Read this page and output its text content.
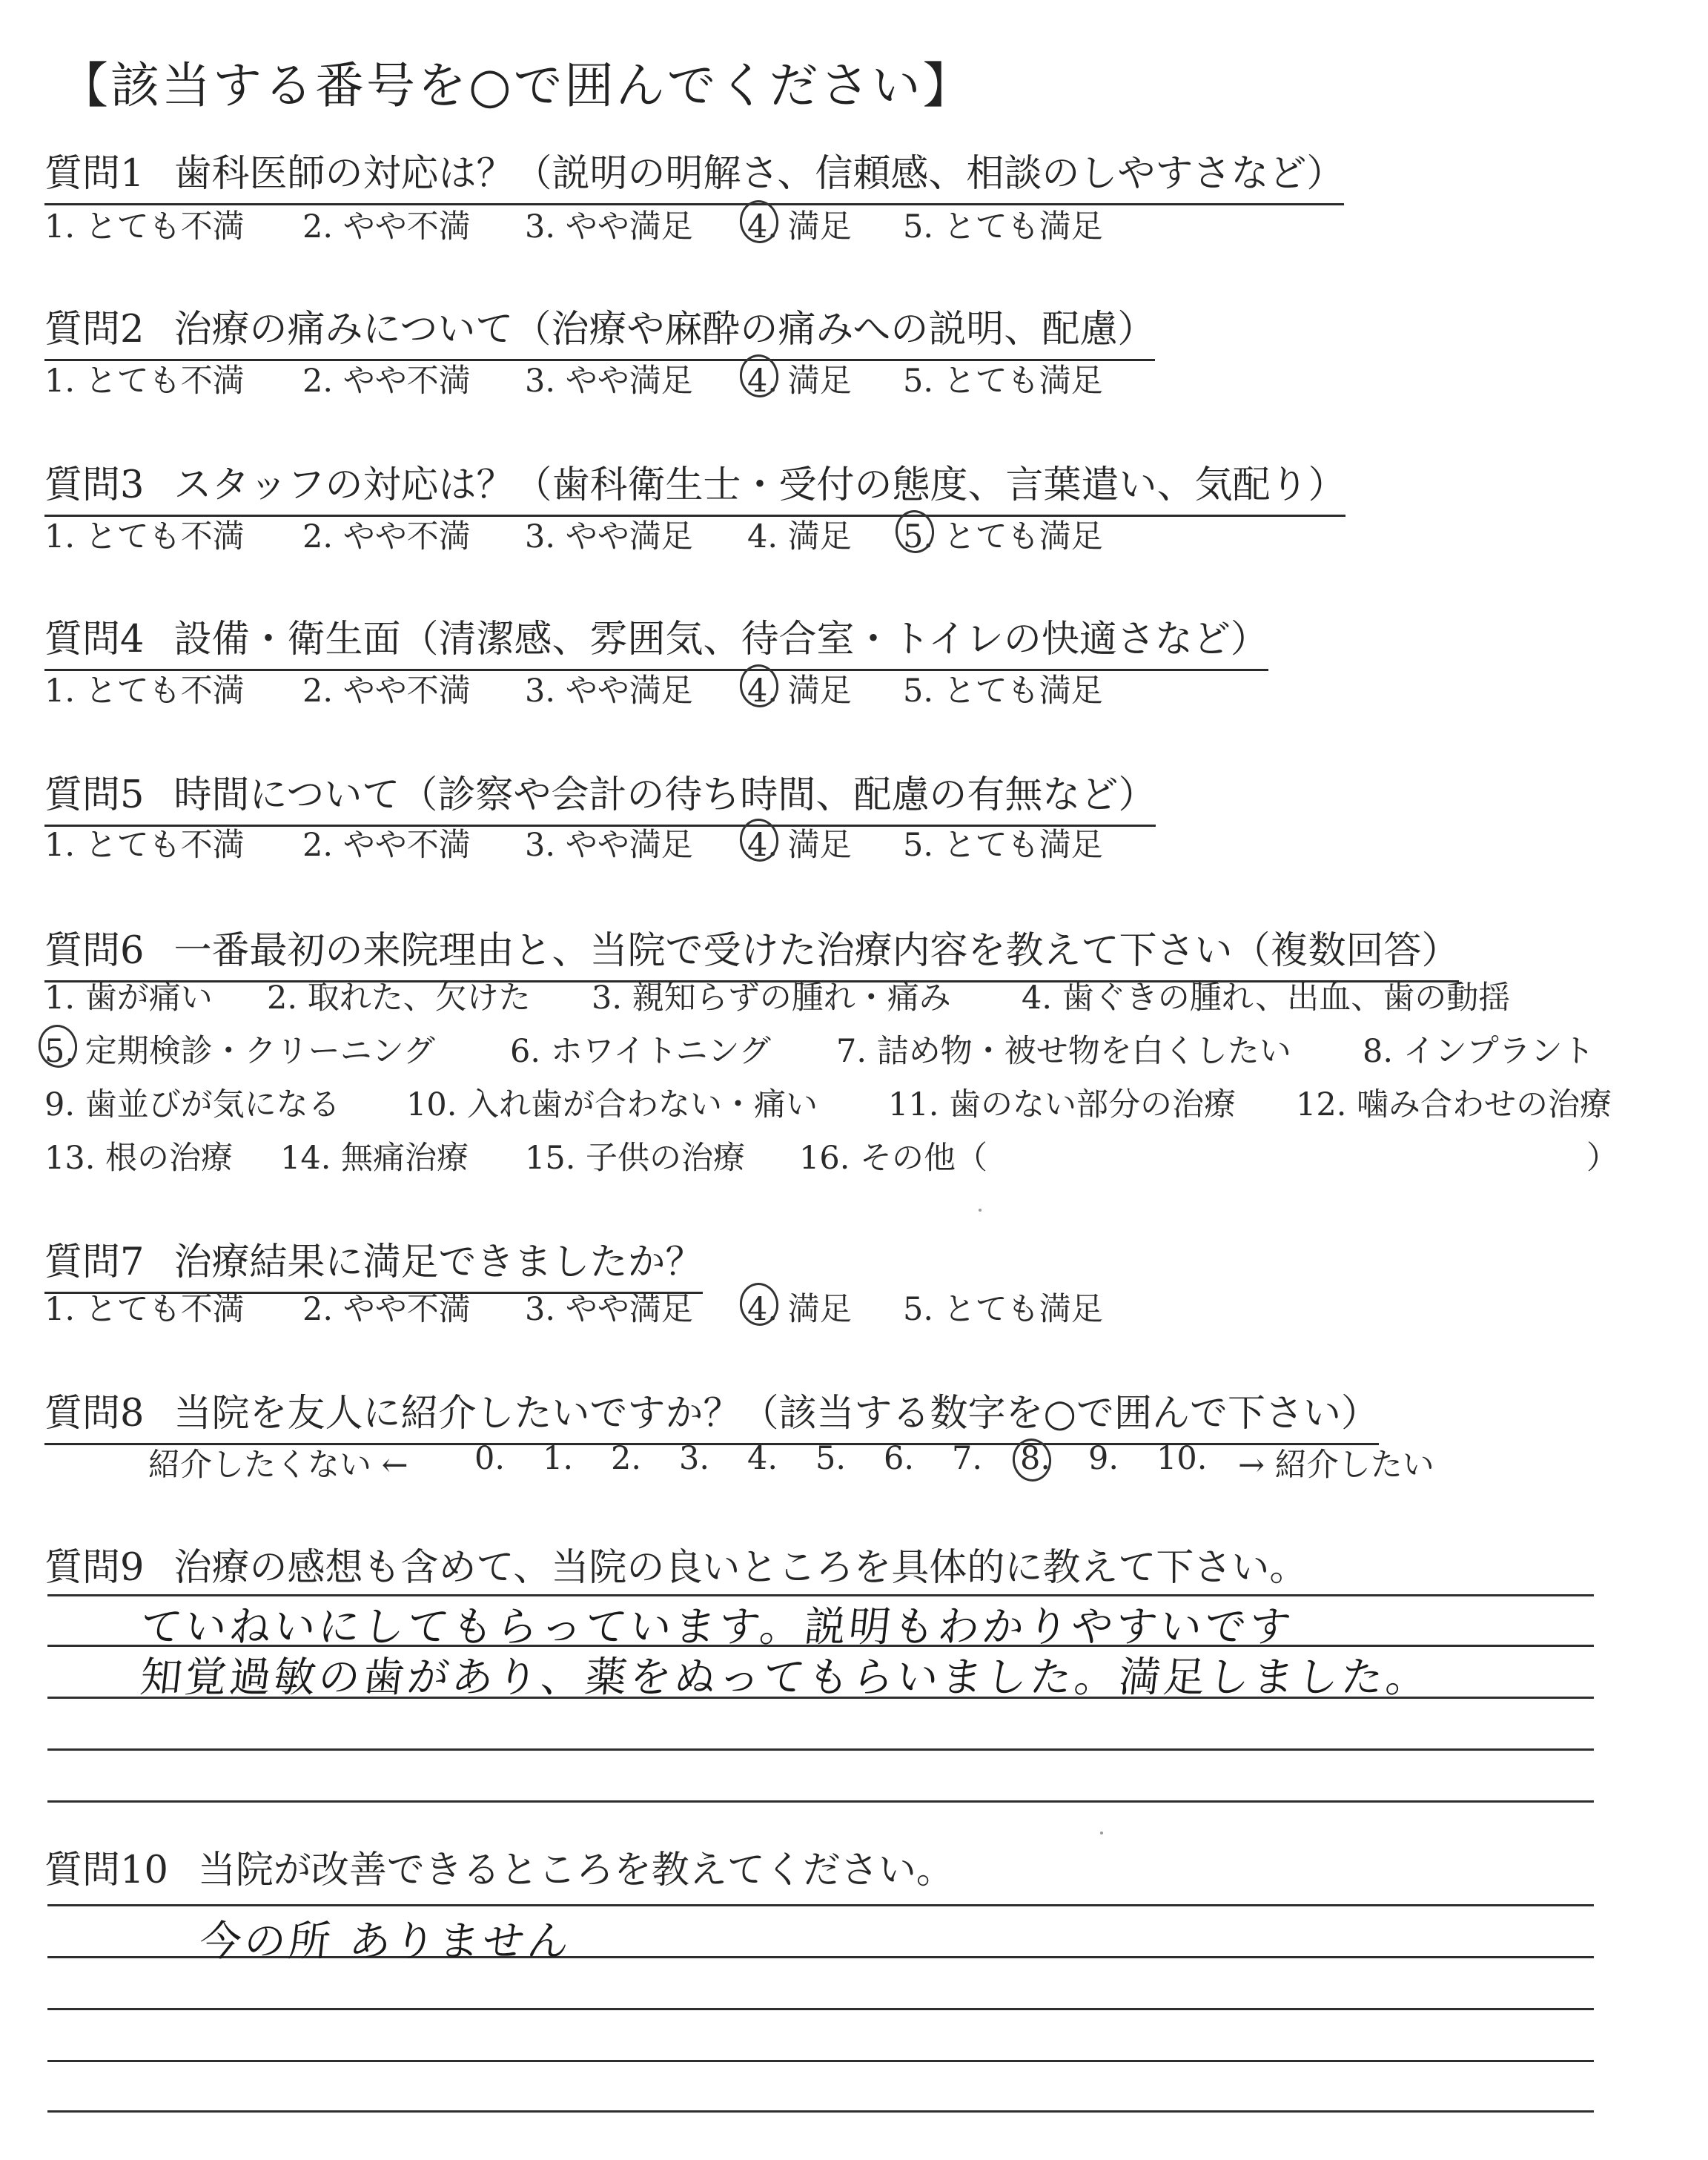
【該当する番号を○で囲んでください】
質問1 歯科医師の対応は？（説明の明解さ、信頼感、相談のしやすさなど）
1. とても不満 2. やや不満 3. やや満足 4. 満足 5. とても満足
質問2 治療の痛みについて（治療や麻酔の痛みへの説明、配慮）
1. とても不満 2. やや不満 3. やや満足 4. 満足 5. とても満足
質問3 スタッフの対応は？（歯科衛生士・受付の態度、言葉遣い、気配り）
1. とても不満 2. やや不満 3. やや満足 4. 満足 5. とても満足
質問4 設備・衛生面（清潔感、雰囲気、待合室・トイレの快適さなど）
1. とても不満 2. やや不満 3. やや満足 4. 満足 5. とても満足
質問5 時間について（診察や会計の待ち時間、配慮の有無など）
1. とても不満 2. やや不満 3. やや満足 4. 満足 5. とても満足
質問6 一番最初の来院理由と、当院で受けた治療内容を教えて下さい（複数回答）
1. 歯が痛い 2. 取れた、欠けた 3. 親知らずの腫れ・痛み 4. 歯ぐきの腫れ、出血、歯の動揺
5. 定期検診・クリーニング 6. ホワイトニング 7. 詰め物・被せ物を白くしたい 8. インプラント
9. 歯並びが気になる 10. 入れ歯が合わない・痛い 11. 歯のない部分の治療 12. 噛み合わせの治療
13. 根の治療 14. 無痛治療 15. 子供の治療 16. その他（	）
質問7 治療結果に満足できましたか？
1. とても不満 2. やや不満 3. やや満足 4. 満足 5. とても満足
質問8 当院を友人に紹介したいですか？（該当する数字を○で囲んで下さい）
紹介したくない ← 0. 1. 2. 3. 4. 5. 6. 7. 8. 9. 10. → 紹介したい
質問9 治療の感想も含めて、当院の良いところを具体的に教えて下さい。
ていねいにしてもらっています。説明もわかりやすいです
知覚過敏の歯があり、薬をぬってもらいました。満足しました。
質問10 当院が改善できるところを教えてください。
今の所 ありません
